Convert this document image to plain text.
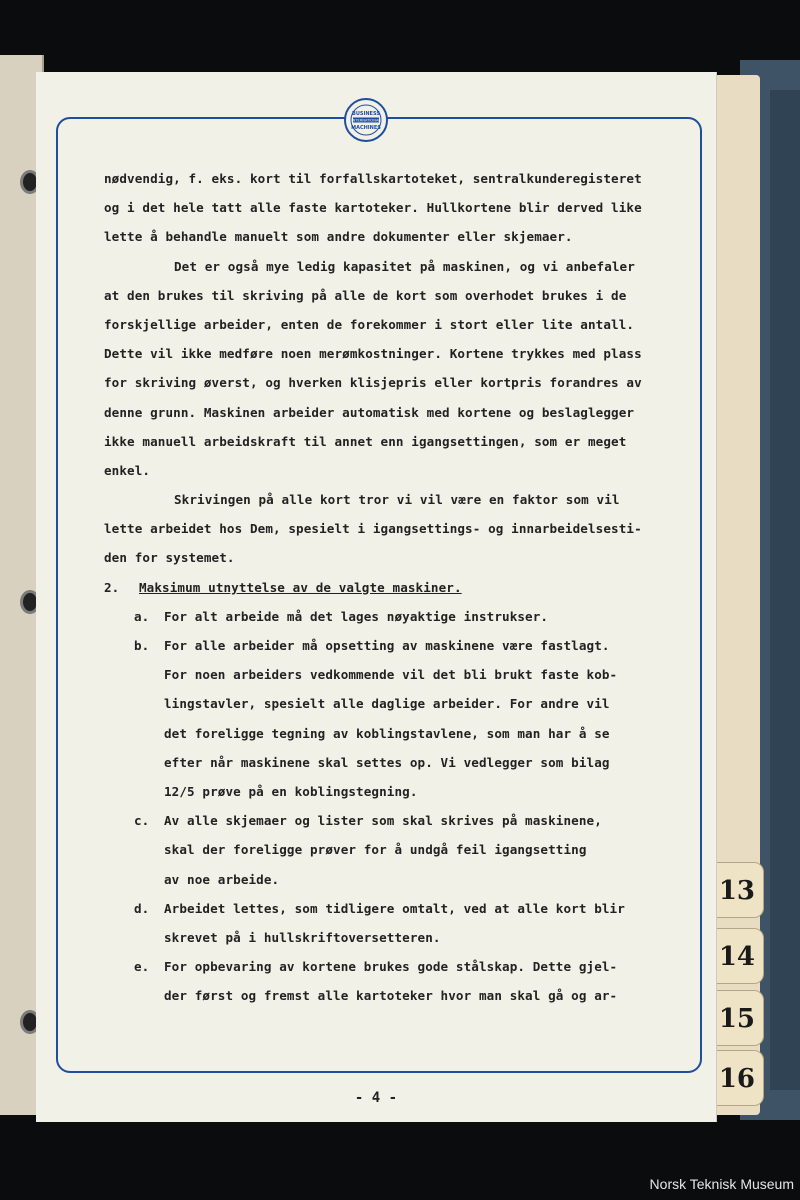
13
14
15
16
BUSINESS
INTERNATIONAL
MACHINES
nødvendig, f. eks. kort til forfallskartoteket, sentralkunderegisteret
og i det hele tatt alle faste kartoteker. Hullkortene blir derved like
lette å behandle manuelt som andre dokumenter eller skjemaer.
Det er også mye ledig kapasitet på maskinen, og vi anbefaler
at den brukes til skriving på alle de kort som overhodet brukes i de
forskjellige arbeider, enten de forekommer i stort eller lite antall.
Dette vil ikke medføre noen merømkostninger. Kortene trykkes med plass
for skriving øverst, og hverken klisjepris eller kortpris forandres av
denne grunn. Maskinen arbeider automatisk med kortene og beslaglegger
ikke manuell arbeidskraft til annet enn igangsettingen, som er meget
enkel.
Skrivingen på alle kort tror vi vil være en faktor som vil
lette arbeidet hos Dem, spesielt i igangsettings- og innarbeidelsesti-
den for systemet.
2. Maksimum utnyttelse av de valgte maskiner.
a. For alt arbeide må det lages nøyaktige instrukser.
b. For alle arbeider må opsetting av maskinene være fastlagt.
For noen arbeiders vedkommende vil det bli brukt faste kob-
lingstavler, spesielt alle daglige arbeider. For andre vil
det foreligge tegning av koblingstavlene, som man har å se
efter når maskinene skal settes op. Vi vedlegger som bilag
12/5 prøve på en koblingstegning.
c. Av alle skjemaer og lister som skal skrives på maskinene,
skal der foreligge prøver for å undgå feil igangsetting
av noe arbeide.
d. Arbeidet lettes, som tidligere omtalt, ved at alle kort blir
skrevet på i hullskriftoversetteren.
e. For opbevaring av kortene brukes gode stålskap. Dette gjel-
der først og fremst alle kartoteker hvor man skal gå og ar-
- 4 -
Norsk Teknisk Museum
